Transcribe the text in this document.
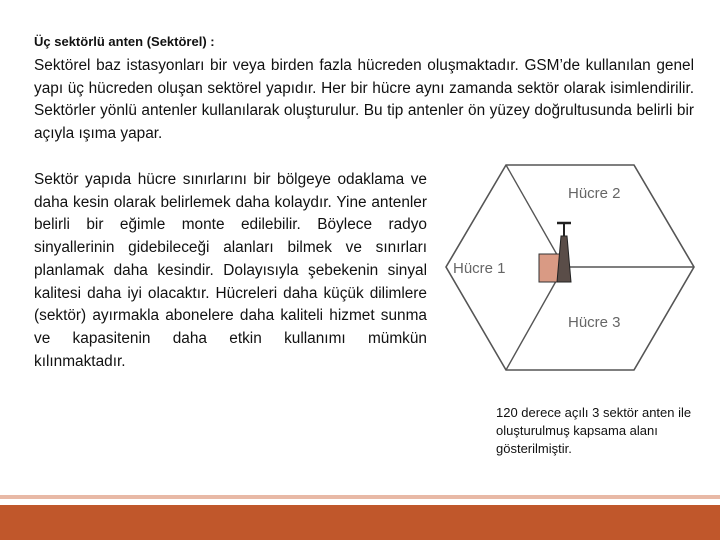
Üç sektörlü anten (Sektörel) :

Sektörel baz istasyonları bir veya birden fazla hücreden oluşmaktadır. GSM’de kullanılan genel yapı üç hücreden oluşan sektörel yapıdır. Her bir hücre aynı zamanda sektör olarak isimlendirilir. Sektörler yönlü antenler kullanılarak oluşturulur. Bu tip antenler ön yüzey doğrultusunda belirli bir açıyla ışıma yapar.

Sektör yapıda hücre sınırlarını bir bölgeye odaklama ve daha kesin olarak belirlemek daha kolaydır. Yine antenler belirli bir eğimle monte edilebilir. Böylece radyo sinyallerinin gidebileceği alanları bilmek ve sınırları planlamak daha kesindir. Dolayısıyla şebekenin sinyal kalitesi daha iyi olacaktır. Hücreleri daha küçük dilimlere (sektör) ayırmakla abonelere daha kaliteli hizmet sunma ve kapasitenin daha etkin kullanımı mümkün kılınmaktadır.

Hücre 2
Hücre 1
Hücre 3

120 derece açılı 3 sektör anten ile oluşturulmuş kapsama alanı gösterilmiştir.
